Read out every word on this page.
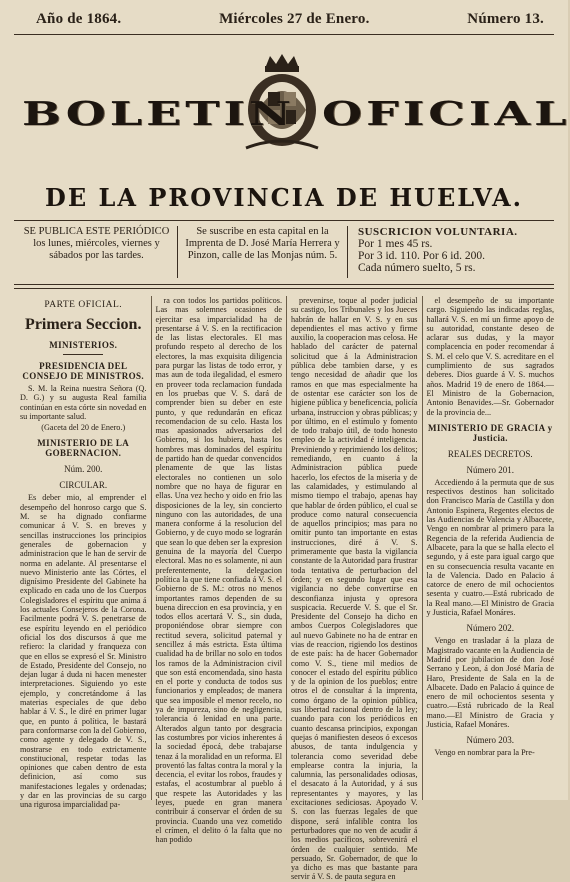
Año de 1864.	Miércoles 27 de Enero.	Número 13.
BOLETIN OFICIAL
DE LA PROVINCIA DE HUELVA.
SE PUBLICA ESTE PERIÓDICO los lunes, miércoles, viernes y sábados por las tardes.
Se suscribe en esta capital en la Imprenta de D. José María Herrera y Pinzon, calle de las Monjas núm. 5.
SUSCRICION VOLUNTARIA.
Por 1 mes 45 rs.
Por 3 id. 110. Por 6 id. 200.
Cada número suelto, 5 rs.
PARTE OFICIAL.
Primera Seccion.
MINISTERIOS.
PRESIDENCIA DEL CONSEJO DE MINISTROS.

S. M. la Reina nuestra Señora (Q. D. G.) y su augusta Real familia continúan en esta córte sin novedad en su importante salud.

(Gaceta del 20 de Enero.)

MINISTERIO DE LA GOBERNACION.
Núm. 200.
CIRCULAR.

Es deber mio, al emprender el desempeño del honroso cargo que S. M. se ha dignado confiarme comunicar á V. S. en breves y sencillas instrucciones los principios generales de gobernacion y administracion que le han de servir de norma en adelante. Al presentarse el nuevo Ministerio ante las Córtes, el dignísimo Presidente del Gabinete ha explicado en cada uno de los Cuerpos Colegisladores el espíritu que anima á los actuales Consejeros de la Corona. Facilmente podrá V. S. penetrarse de ese espíritu leyendo en el periódico oficial los dos discursos á que me refiero: la claridad y franqueza con que en ellos se expresó el Sr. Ministro de Estado, Presidente del Consejo, no dejan lugar á duda ni hacen menester interpretaciones. Siguiendo yo este ejemplo, y concretándome á las materias especiales de que debo hablar á V. S., le diré en primer lugar que, en punto á política, le bastará para conformarse con la del Gobierno, como agente y delegado de V. S., mostrarse en todo extrictamente constitucional, respetar todas las opiniones que caben dentro de esta definicion, así como sus manifestaciones legales y ordenadas; y dar en las provincias de su cargo una rigurosa imparcialidad pa-

ra con todos los partidos políticos. Las mas solemnes ocasiones de ejercitar esa imparcialidad ha de presentarse á V. S. en la rectificacion de las listas electorales. El mas profundo respeto al derecho de los electores, la mas exquisita diligencia para purgar las listas de todo error, y mas aun de toda ilegalidad, el esmero en proveer toda reclamacion fundada en los pruebas que V. S. dará de comprender bien su deber en este punto, y que redundarán en eficaz recomendacion de su celo. Hasta los mas apasionados adversarios del Gobierno, si los hubiera, hasta los hombres mas dominados del espíritu de partido han de quedar convencidos plenamente de que las listas electorales no contienen un solo nombre que no haya de figurar en ellas. Una vez hecho y oido en frio las disposiciones de la ley, sin concierto ninguno con las autoridades, de una manera conforme á la resolucion del Gobierno, y de cuyo modo se lograrán que sean lo que deben ser la expresion genuina de la mayoría del Cuerpo electoral. Mas no es solamente, ni aun preferentemente, la delegacion política la que tiene confiada á V. S. el Gobierno de S. M.: otros no menos importantes ramos dependen de su buena direccion en esa provincia, y en todos ellos acertará V. S., sin duda, proponiéndose obrar siempre con rectitud severa, solicitud paternal y sencillez á más estricta. Esta última cualidad ha de brillar no solo en todos los ramos de la Administracion civil que son está encomendada, sino hasta en el porte y conducta de todos sus funcionarios y empleados; de manera que sea imposible el menor recelo, no ya de impureza, sino de negligencia, tolerancia ó lenidad en una parte. Alterados algun tanto por desgracia las costumbres por vicios inherentes á la sociedad épocá, debe trabajarse tenaz á la moralidad en un reforma. El proventó las faltas contra la moral y la decencia, el evitar los robos, fraudes y estafas, el acostumbrar al pueblo á que respete las Autoridades y las leyes, puede en gran manera contribuir á conservar el órden de su provincia. Cuando una vez cometido el crímen, el delito ó la falta que no han podido

prevenirse, toque al poder judicial su castigo, los Tribunales y los Jueces habrán de hallar en V. S. y en sus dependientes el mas activo y firme auxilio, la cooperacion mas celosa. He hablado del carácter de paternal solicitud que á la Administracion pública debe tambien darse, y es tengo necesidad de añadir que los ramos en que mas especialmente ha de ostentar ese carácter son los de higiene pública y beneficencia, policía urbana, instruccion y obras públicas; y por último, en el estímulo y fomento de todo trabajo útil, de todo honesto empleo de la actividad é inteligencia. Previniendo y reprimiendo los delitos; remediando, en cuanto á la Administracion pública puede hacerlo, los efectos de la miseria y de las calamidades, y estimulando al mismo tiempo el trabajo, apenas hay que hablar de órden público, el cual se produce como natural consecuencia de aquellos principios; mas para no omitir punto tan importante en estas instrucciones, diré á V. S. primeramente que basta la vigilancia constante de la Autoridad para frustrar toda tentativa de perturbacion del órden; y en segundo lugar que esa vigilancia no debe convertirse en desconfianza injusta y opresora suspicacia. Recuerde V. S. que el Sr. Presidente del Consejo ha dicho en ambos Cuerpos Colegisladores que aul nuevo Gabinete no ha de entrar en vias de reaccion, rigiendo los destinos de este país: ha de hacer Gobernador como V. S., tiene mil medios de conocer el estado del espíritu público y de la opinion de los pueblos; entre otros el de consultar á la imprenta, como órgano de la opinion pública, sus libertad racional dentro de la ley; cuando para con los periódicos en cuanto descansa principios, expongan quejas ó manifiesten deseos ó excesos abusos, de tanta indulgencia y tolerancia como severidad debe emplearse contra la injuria, la calumnia, las personalidades odiosas, el desacato á la Autoridad, y á sus representantes y mayores, y las excitaciones sediciosas. Apoyado V. S. con las fuerzas legales de que dispone, será infalible contra los perturbadores que no ven de acudir á los medios pacíficos, sobrevenirá el órden de cualquier sentido. Me persuado, Sr. Gobernador, de que lo ya dicho es mas que bastante para servir á V. S. de pauta segura en

el desempeño de su importante cargo. Siguiendo las indicadas reglas, hallará V. S. en mí un firme apoyo de su autoridad, constante deseo de aclarar sus dudas, y la mayor complacencia en poder recomendar á S. M. el celo que V. S. acreditare en el cumplimiento de sus sagrados deberes. Dios guarde á V. S. muchos años. Madrid 19 de enero de 1864.—El Ministro de la Gobernacion, Antonio Benavides.—Sr. Gobernador de la provincia de...

MINISTERIO DE GRACIA y Justicia.
REALES DECRETOS.
Número 201.

Accediendo á la permuta que de sus respectivos destinos han solicitado don Francisco María de Castilla y don Antonio Espinera, Regentes electos de las Audiencias de Valencia y Albacete, Vengo en nombrar al primero para la Regencia de la referida Audiencia de Albacete, para la que se halla electo el segundo, y á este para igual cargo que en su consecuencia resulta vacante en la de Valencia. Dado en Palacio á catorce de enero de mil ochocientos sesenta y cuatro.—Está rubricado de la Real mano.—El Ministro de Gracia y Justicia, Rafael Monáres.

Número 202.

Vengo en trasladar á la plaza de Magistrado vacante en la Audiencia de Madrid por jubilacion de don José Serrano y Leon, á don José María de Haro, Presidente de Sala en la de Albacete. Dado en Palacio á quince de enero de mil ochocientos sesenta y cuatro.—Está rubricado de la Real mano.—El Ministro de Gracia y Justicia, Rafael Monáres.

Número 203.

Vengo en nombrar para la Pre-
